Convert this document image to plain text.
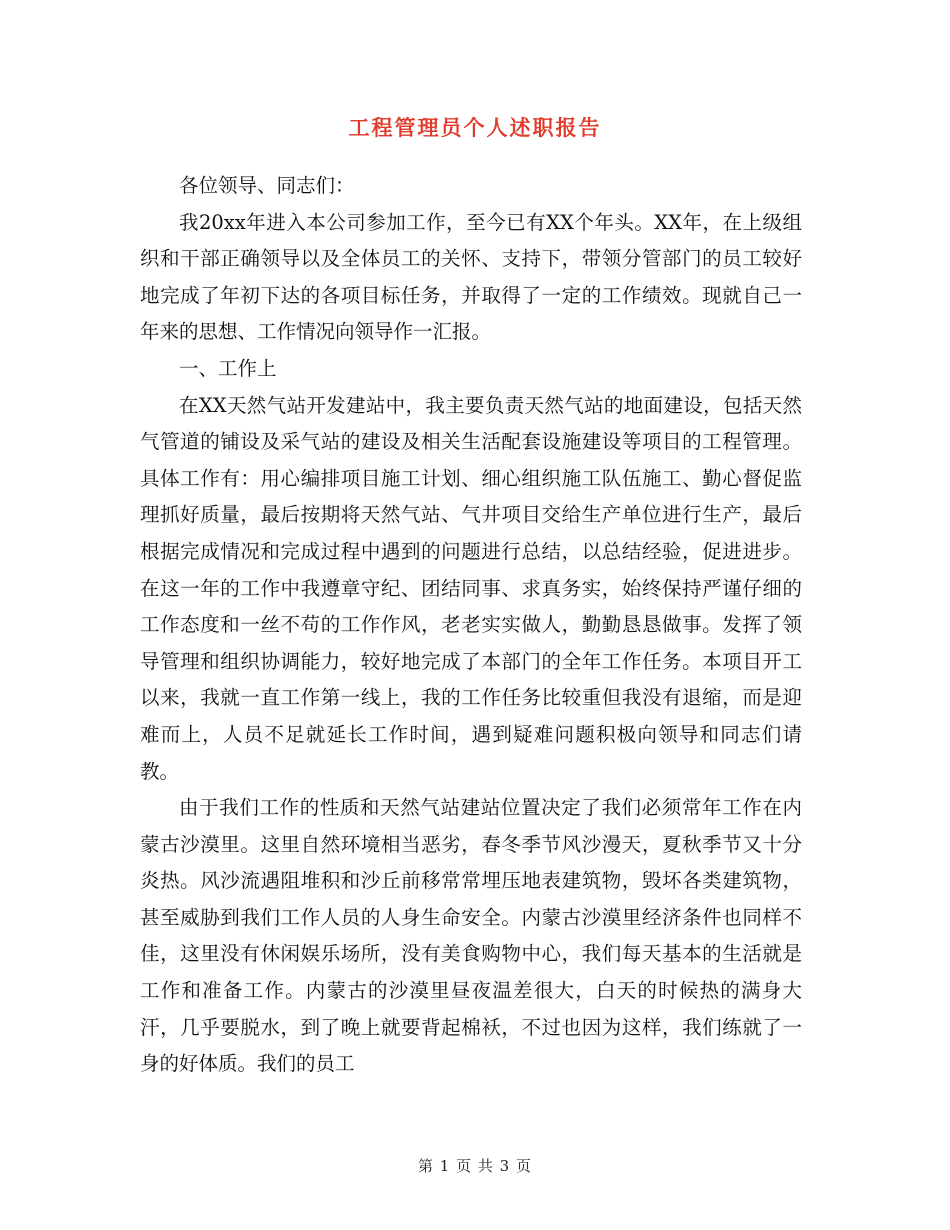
工程管理员个人述职报告

各位领导、同志们：

我20xx年进入本公司参加工作，至今已有XX个年头。XX年，在上级组织和干部正确领导以及全体员工的关怀、支持下，带领分管部门的员工较好地完成了年初下达的各项目标任务，并取得了一定的工作绩效。现就自己一年来的思想、工作情况向领导作一汇报。

一、工作上

在XX天然气站开发建站中，我主要负责天然气站的地面建设，包括天然气管道的铺设及采气站的建设及相关生活配套设施建设等项目的工程管理。具体工作有：用心编排项目施工计划、细心组织施工队伍施工、勤心督促监理抓好质量，最后按期将天然气站、气井项目交给生产单位进行生产，最后根据完成情况和完成过程中遇到的问题进行总结，以总结经验，促进进步。在这一年的工作中我遵章守纪、团结同事、求真务实，始终保持严谨仔细的工作态度和一丝不苟的工作作风，老老实实做人，勤勤恳恳做事。发挥了领导管理和组织协调能力，较好地完成了本部门的全年工作任务。本项目开工以来，我就一直工作第一线上，我的工作任务比较重但我没有退缩，而是迎难而上，人员不足就延长工作时间，遇到疑难问题积极向领导和同志们请教。

由于我们工作的性质和天然气站建站位置决定了我们必须常年工作在内蒙古沙漠里。这里自然环境相当恶劣，春冬季节风沙漫天，夏秋季节又十分炎热。风沙流遇阻堆积和沙丘前移常常埋压地表建筑物，毁坏各类建筑物，甚至威胁到我们工作人员的人身生命安全。内蒙古沙漠里经济条件也同样不佳，这里没有休闲娱乐场所，没有美食购物中心，我们每天基本的生活就是工作和准备工作。内蒙古的沙漠里昼夜温差很大，白天的时候热的满身大汗，几乎要脱水，到了晚上就要背起棉袄，不过也因为这样，我们练就了一身的好体质。我们的员工

第 1 页 共 3 页
